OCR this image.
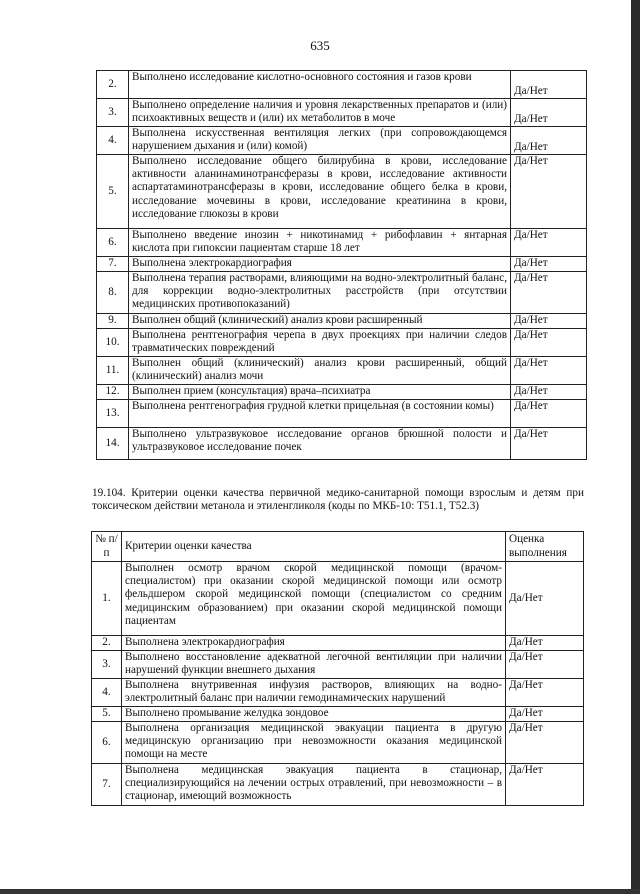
635
2.	Выполнено исследование кислотно-основного состояния и газов крови	Да/Нет
3.	Выполнено определение наличия и уровня лекарственных препаратов и (или) психоактивных веществ и (или) их метаболитов в моче	Да/Нет
4.	Выполнена искусственная вентиляция легких (при сопровождающемся нарушением дыхания и (или) комой)	Да/Нет
5.	Выполнено исследование общего билирубина в крови, исследование активности аланинаминотрансферазы в крови, исследование активности аспартатаминотрансферазы в крови, исследование общего белка в крови, исследование мочевины в крови, исследование креатинина в крови, исследование глюкозы в крови	Да/Нет
6.	Выполнено введение инозин + никотинамид + рибофлавин + янтарная кислота при гипоксии пациентам старше 18 лет	Да/Нет
7.	Выполнена электрокардиография	Да/Нет
8.	Выполнена терапия растворами, влияющими на водно-электролитный баланс, для коррекции водно-электролитных расстройств (при отсутствии медицинских противопоказаний)	Да/Нет
9.	Выполнен общий (клинический) анализ крови расширенный	Да/Нет
10.	Выполнена рентгенография черепа в двух проекциях при наличии следов травматических повреждений	Да/Нет
11.	Выполнен общий (клинический) анализ крови расширенный, общий (клинический) анализ мочи	Да/Нет
12.	Выполнен прием (консультация) врача–психиатра	Да/Нет
13.	Выполнена рентгенография грудной клетки прицельная (в состоянии комы)	Да/Нет
14.	Выполнено ультразвуковое исследование органов брюшной полости и ультразвуковое исследование почек	Да/Нет
19.104. Критерии оценки качества первичной медико-санитарной помощи взрослым и детям при токсическом действии метанола и этиленгликоля (коды по МКБ-10: T51.1, T52.3)
№ п/п	Критерии оценки качества	Оценка выполнения
1.	Выполнен осмотр врачом скорой медицинской помощи (врачом-специалистом) при оказании скорой медицинской помощи или осмотр фельдшером скорой медицинской помощи (специалистом со средним медицинским образованием) при оказании скорой медицинской помощи пациентам	Да/Нет
2.	Выполнена электрокардиография	Да/Нет
3.	Выполнено восстановление адекватной легочной вентиляции при наличии нарушений функции внешнего дыхания	Да/Нет
4.	Выполнена внутривенная инфузия растворов, влияющих на водно-электролитный баланс при наличии гемодинамических нарушений	Да/Нет
5.	Выполнено промывание желудка зондовое	Да/Нет
6.	Выполнена организация медицинской эвакуации пациента в другую медицинскую организацию при невозможности оказания медицинской помощи на месте	Да/Нет
7.	Выполнена медицинская эвакуация пациента в стационар, специализирующийся на лечении острых отравлений, при невозможности – в стационар, имеющий возможность	Да/Нет
